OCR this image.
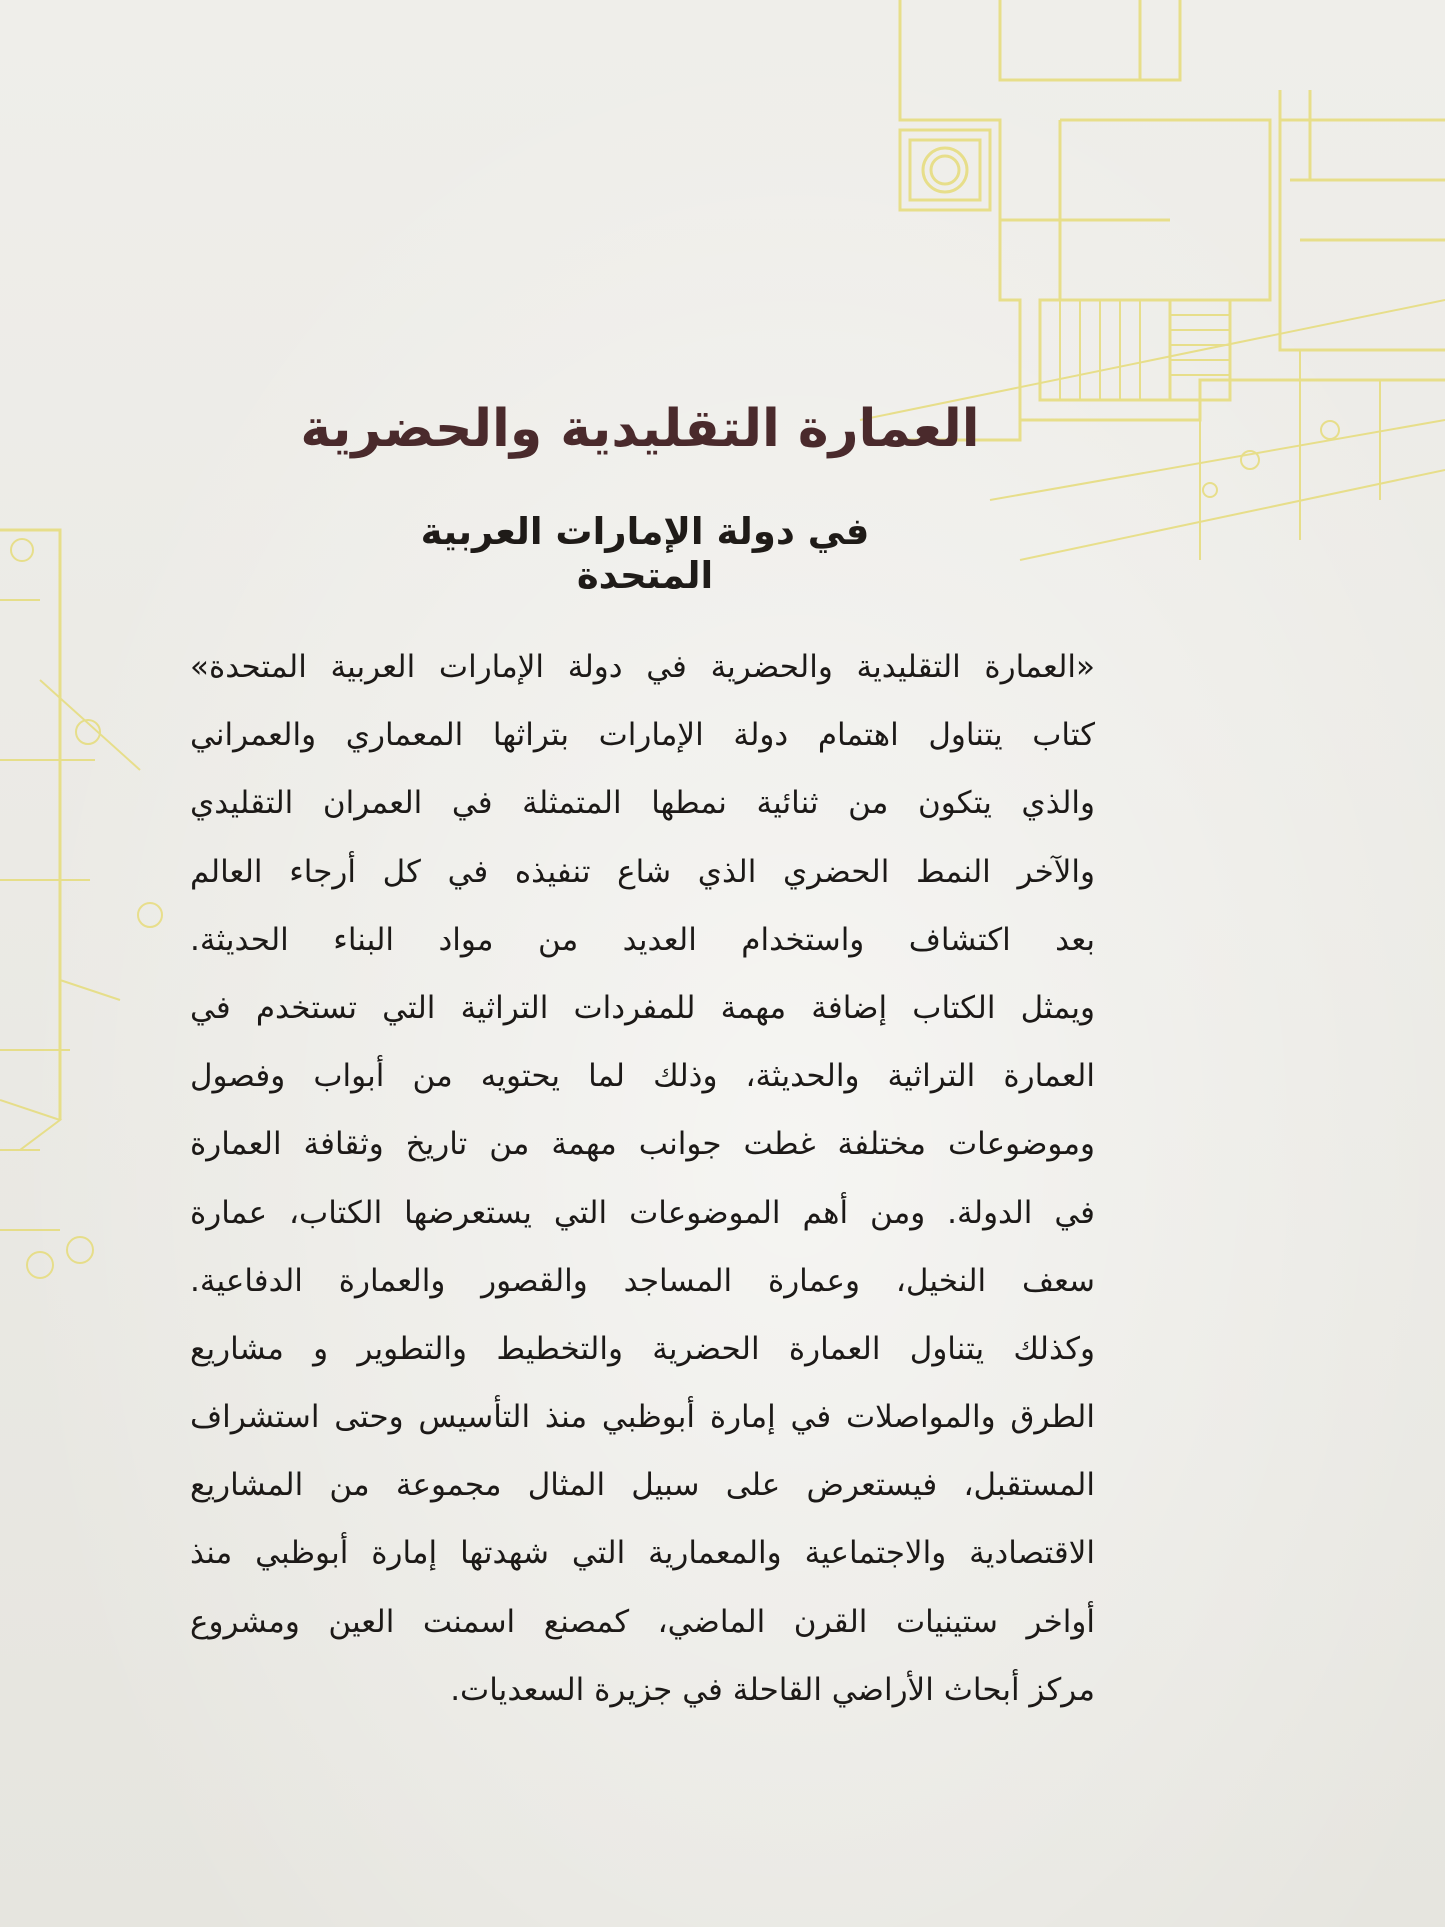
العمارة التقليدية والحضرية
في دولة الإمارات العربية المتحدة
«العمارة التقليدية والحضرية في دولة الإمارات العربية المتحدة»
كتاب يتناول اهتمام دولة الإمارات بتراثها المعماري والعمراني
والذي يتكون من ثنائية نمطها المتمثلة في العمران التقليدي
والآخر النمط الحضري الذي شاع تنفيذه في كل أرجاء العالم
بعد اكتشاف واستخدام العديد من مواد البناء الحديثة.
ويمثل الكتاب إضافة مهمة للمفردات التراثية التي تستخدم في
العمارة التراثية والحديثة، وذلك لما يحتويه من أبواب وفصول
وموضوعات مختلفة غطت جوانب مهمة من تاريخ وثقافة العمارة
في الدولة. ومن أهم الموضوعات التي يستعرضها الكتاب، عمارة
سعف النخيل، وعمارة المساجد والقصور والعمارة الدفاعية.
وكذلك يتناول العمارة الحضرية والتخطيط والتطوير و مشاريع
الطرق والمواصلات في إمارة أبوظبي منذ التأسيس وحتى استشراف
المستقبل، فيستعرض على سبيل المثال مجموعة من المشاريع
الاقتصادية والاجتماعية والمعمارية التي شهدتها إمارة أبوظبي منذ
أواخر ستينيات القرن الماضي، كمصنع اسمنت العين ومشروع
مركز أبحاث الأراضي القاحلة في جزيرة السعديات.
